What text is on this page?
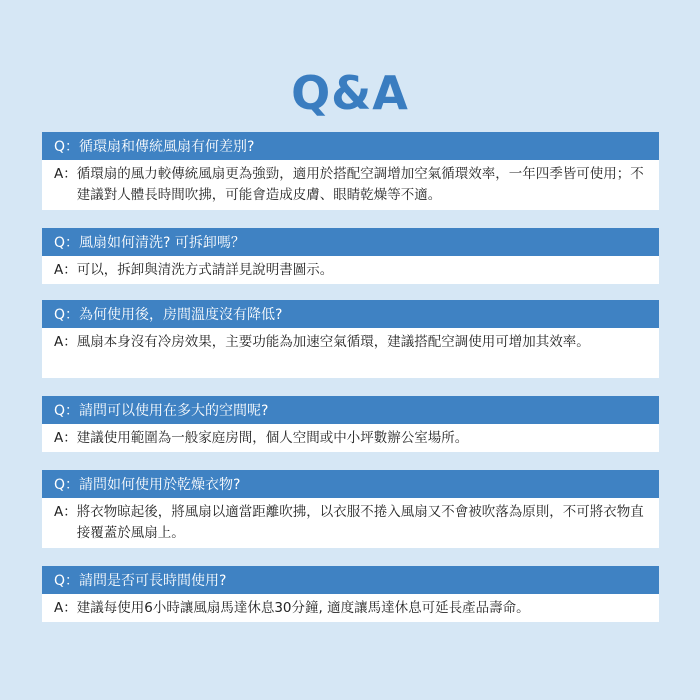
Q&A
Q： 循環扇和傳統風扇有何差別?
A： 循環扇的風力較傳統風扇更為強勁，適用於搭配空調增加空氣循環效率，一年四季皆可使用；不建議對人體長時間吹拂，可能會造成皮膚、眼睛乾燥等不適。
Q： 風扇如何清洗? 可拆卸嗎？
A： 可以，拆卸與清洗方式請詳見說明書圖示。
Q： 為何使用後，房間溫度沒有降低?
A： 風扇本身沒有冷房效果，主要功能為加速空氣循環，建議搭配空調使用可增加其效率。
Q： 請問可以使用在多大的空間呢?
A： 建議使用範圍為一般家庭房間，個人空間或中小坪數辦公室場所。
Q： 請問如何使用於乾燥衣物?
A： 將衣物晾起後，將風扇以適當距離吹拂，以衣服不捲入風扇又不會被吹落為原則，不可將衣物直接覆蓋於風扇上。
Q： 請問是否可長時間使用?
A： 建議每使用6小時讓風扇馬達休息30分鐘, 適度讓馬達休息可延長產品壽命。
